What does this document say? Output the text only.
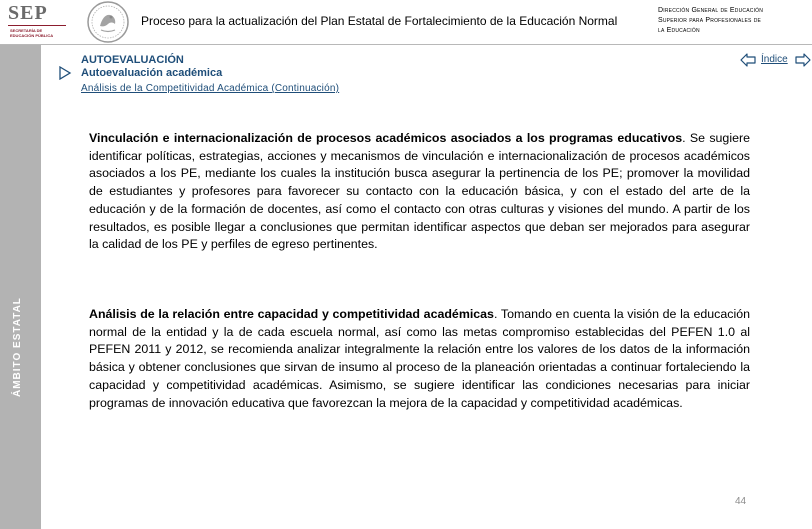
SEP
SECRETARÍA DE
EDUCACIÓN PÚBLICA
Proceso para la actualización del Plan Estatal de Fortalecimiento de la Educación Normal
Dirección General de Educación
Superior para Profesionales de
la Educación
ÁMBITO ESTATAL
AUTOEVALUACIÓN
Autoevaluación académica
Análisis de la Competitividad Académica (Continuación)
Índice

Vinculación e internacionalización de procesos académicos asociados a los programas educativos. Se sugiere identificar políticas, estrategias, acciones y mecanismos de vinculación e internacionalización de procesos académicos asociados a los PE, mediante los cuales la institución busca asegurar la pertinencia de los PE; promover la movilidad de estudiantes y profesores para favorecer su contacto con la educación básica, y con el estado del arte de la educación y de la formación de docentes, así como el contacto con otras culturas y visiones del mundo. A partir de los resultados, es posible llegar a conclusiones que permitan identificar aspectos que deban ser mejorados para asegurar la calidad de los PE y perfiles de egreso pertinentes.

Análisis de la relación entre capacidad y competitividad académicas. Tomando en cuenta la visión de la educación normal de la entidad y la de cada escuela normal, así como las metas compromiso establecidas del PEFEN 1.0 al PEFEN 2011 y 2012, se recomienda analizar integralmente la relación entre los valores de los datos de la información básica y obtener conclusiones que sirvan de insumo al proceso de la planeación orientadas a continuar fortaleciendo la capacidad y competitividad académicas. Asimismo, se sugiere identificar las condiciones necesarias para iniciar programas de innovación educativa que favorezcan la mejora de la capacidad y competitividad académicas.

44
